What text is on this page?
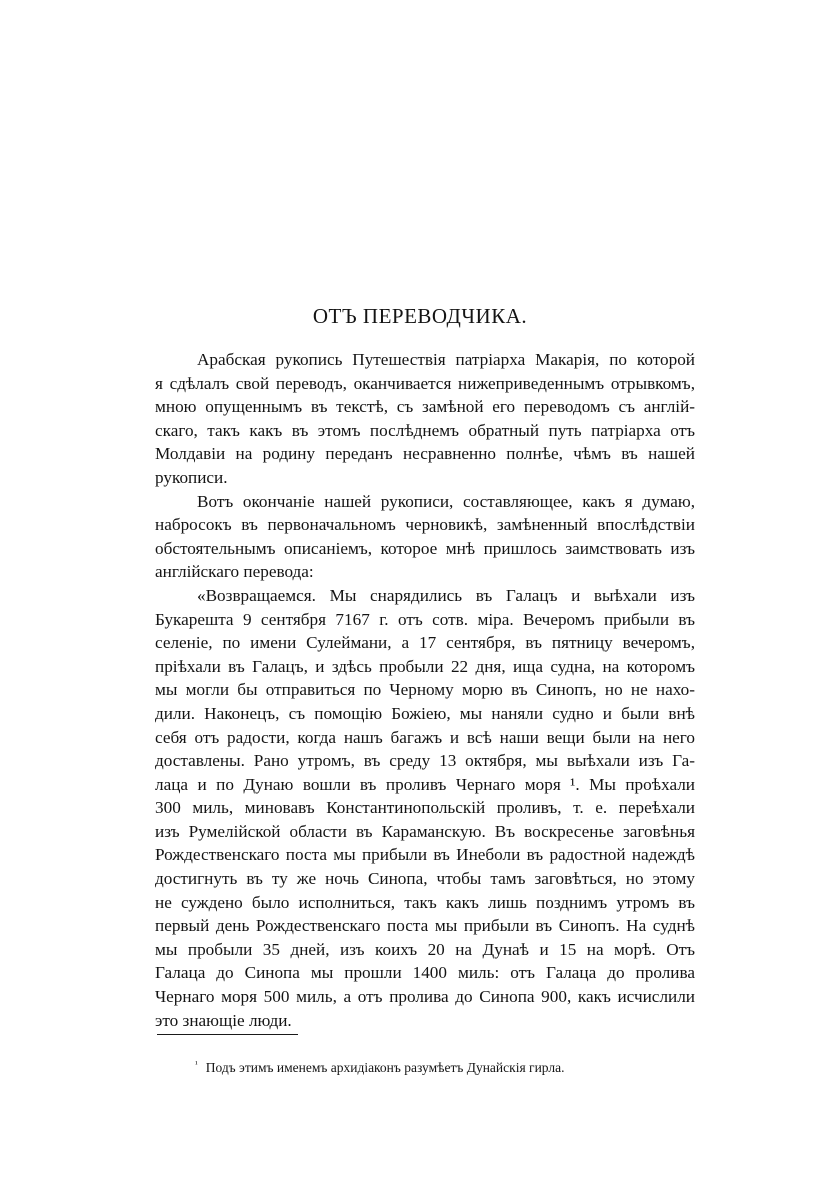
ОТЪ ПЕРЕВОДЧИКА.
Арабская рукопись Путешествія патріарха Макарія, по которой
я сдѣлалъ свой переводъ, оканчивается нижеприведеннымъ отрывкомъ,
мною опущеннымъ въ текстѣ, съ замѣной его переводомъ съ англій-
скаго, такъ какъ въ этомъ послѣднемъ обратный путь патріарха отъ
Молдавіи на родину переданъ несравненно полнѣе, чѣмъ въ нашей
рукописи.
Вотъ окончаніе нашей рукописи, составляющее, какъ я думаю,
набросокъ въ первоначальномъ черновикѣ, замѣненный впослѣдствіи
обстоятельнымъ описаніемъ, которое мнѣ пришлось заимствовать изъ
англійскаго перевода:
«Возвращаемся. Мы снарядились въ Галацъ и выѣхали изъ
Букарешта 9 сентября 7167 г. отъ сотв. міра. Вечеромъ прибыли въ
селеніе, по имени Сулеймани, а 17 сентября, въ пятницу вечеромъ,
пріѣхали въ Галацъ, и здѣсь пробыли 22 дня, ища судна, на которомъ
мы могли бы отправиться по Черному морю въ Синопъ, но не нахо-
дили. Наконецъ, съ помощію Божіею, мы наняли судно и были внѣ
себя отъ радости, когда нашъ багажъ и всѣ наши вещи были на него
доставлены. Рано утромъ, въ среду 13 октября, мы выѣхали изъ Га-
лаца и по Дунаю вошли въ проливъ Чернаго моря ¹. Мы проѣхали
300 миль, миновавъ Константинопольскій проливъ, т. е. переѣхали
изъ Румелійской области въ Караманскую. Въ воскресенье заговѣнья
Рождественскаго поста мы прибыли въ Инеболи въ радостной надеждѣ
достигнуть въ ту же ночь Синопа, чтобы тамъ заговѣться, но этому
не суждено было исполниться, такъ какъ лишь позднимъ утромъ въ
первый день Рождественскаго поста мы прибыли въ Синопъ. На суднѣ
мы пробыли 35 дней, изъ коихъ 20 на Дунаѣ и 15 на морѣ. Отъ
Галаца до Синопа мы прошли 1400 миль: отъ Галаца до пролива
Чернаго моря 500 миль, а отъ пролива до Синопа 900, какъ исчислили
это знающіе люди.
$^{^1}$ Подъ этимъ именемъ архидіаконъ разумѣетъ Дунайскія гирла.
